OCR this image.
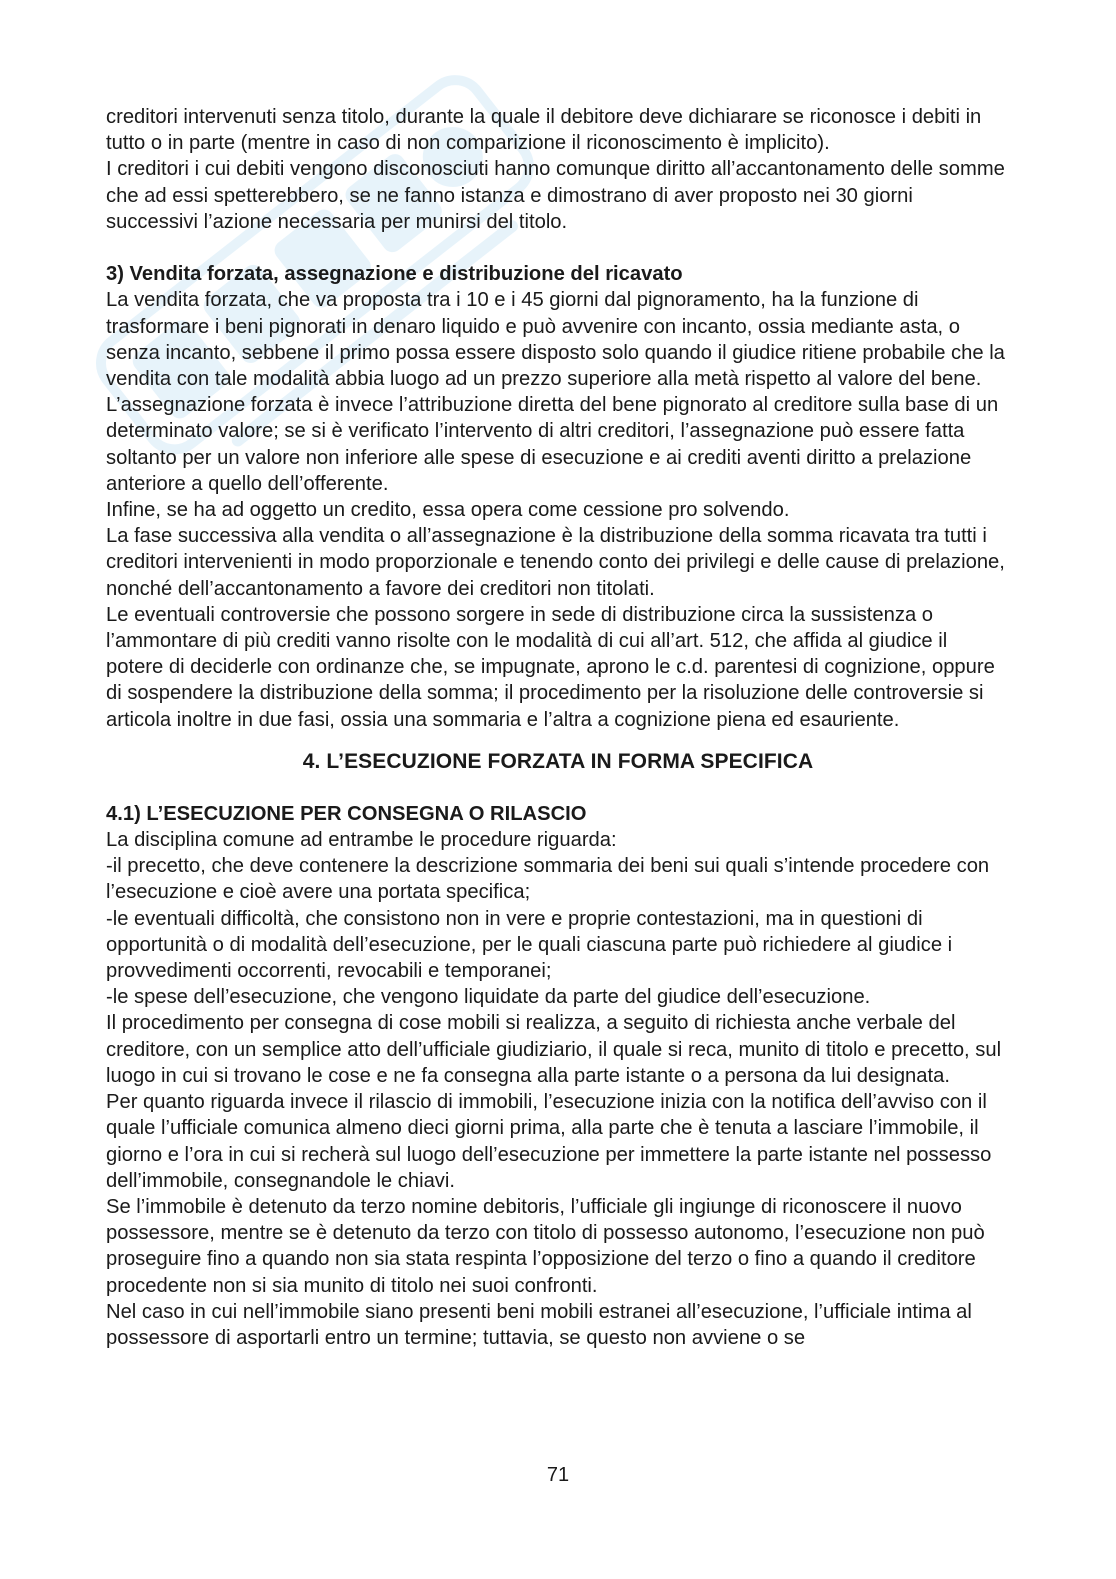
creditori intervenuti senza titolo, durante la quale il debitore deve dichiarare se riconosce i debiti in tutto o in parte (mentre in caso di non comparizione il riconoscimento è implicito).

I creditori i cui debiti vengono disconosciuti hanno comunque diritto all’accantonamento delle somme che ad essi spetterebbero, se ne fanno istanza e dimostrano di aver proposto nei 30 giorni successivi l’azione necessaria per munirsi del titolo.

3) Vendita forzata, assegnazione e distribuzione del ricavato

La vendita forzata, che va proposta tra i 10 e i 45 giorni dal pignoramento, ha la funzione di trasformare i beni pignorati in denaro liquido e può avvenire con incanto, ossia mediante asta, o senza incanto, sebbene il primo possa essere disposto solo quando il giudice ritiene probabile che la vendita con tale modalità abbia luogo ad un prezzo superiore alla metà rispetto al valore del bene.

L’assegnazione forzata è invece l’attribuzione diretta del bene pignorato al creditore sulla base di un determinato valore; se si è verificato l’intervento di altri creditori, l’assegnazione può essere fatta soltanto per un valore non inferiore alle spese di esecuzione e ai crediti aventi diritto a prelazione anteriore a quello dell’offerente.

Infine, se ha ad oggetto un credito, essa opera come cessione pro solvendo.

La fase successiva alla vendita o all’assegnazione è la distribuzione della somma ricavata tra tutti i creditori intervenienti in modo proporzionale e tenendo conto dei privilegi e delle cause di prelazione, nonché dell’accantonamento a favore dei creditori non titolati.

Le eventuali controversie che possono sorgere in sede di distribuzione circa la sussistenza o l’ammontare di più crediti vanno risolte con le modalità di cui all’art. 512, che affida al giudice il potere di deciderle con ordinanze che, se impugnate, aprono le c.d. parentesi di cognizione, oppure di sospendere la distribuzione della somma; il procedimento per la risoluzione delle controversie si articola inoltre in due fasi, ossia una sommaria e l’altra a cognizione piena ed esauriente.

4. L’ESECUZIONE FORZATA IN FORMA SPECIFICA

4.1) L’ESECUZIONE PER CONSEGNA O RILASCIO

La disciplina comune ad entrambe le procedure riguarda:

-il precetto, che deve contenere la descrizione sommaria dei beni sui quali s’intende procedere con l’esecuzione e cioè avere una portata specifica;

-le eventuali difficoltà, che consistono non in vere e proprie contestazioni, ma in questioni di opportunità o di modalità dell’esecuzione, per le quali ciascuna parte può richiedere al giudice i provvedimenti occorrenti, revocabili e temporanei;

-le spese dell’esecuzione, che vengono liquidate da parte del giudice dell’esecuzione.

Il procedimento per consegna di cose mobili si realizza, a seguito di richiesta anche verbale del creditore, con un semplice atto dell’ufficiale giudiziario, il quale si reca, munito di titolo e precetto, sul luogo in cui si trovano le cose e ne fa consegna alla parte istante o a persona da lui designata.

Per quanto riguarda invece il rilascio di immobili, l’esecuzione inizia con la notifica dell’avviso con il quale l’ufficiale comunica almeno dieci giorni prima, alla parte che è tenuta a lasciare l’immobile, il giorno e l’ora in cui si recherà sul luogo dell’esecuzione per immettere la parte istante nel possesso dell’immobile, consegnandole le chiavi.

Se l’immobile è detenuto da terzo nomine debitoris, l’ufficiale gli ingiunge di riconoscere il nuovo possessore, mentre se è detenuto da terzo con titolo di possesso autonomo, l’esecuzione non può proseguire fino a quando non sia stata respinta l’opposizione del terzo o fino a quando il creditore procedente non si sia munito di titolo nei suoi confronti.

Nel caso in cui nell’immobile siano presenti beni mobili estranei all’esecuzione, l’ufficiale intima al possessore di asportarli entro un termine; tuttavia, se questo non avviene o se

71
